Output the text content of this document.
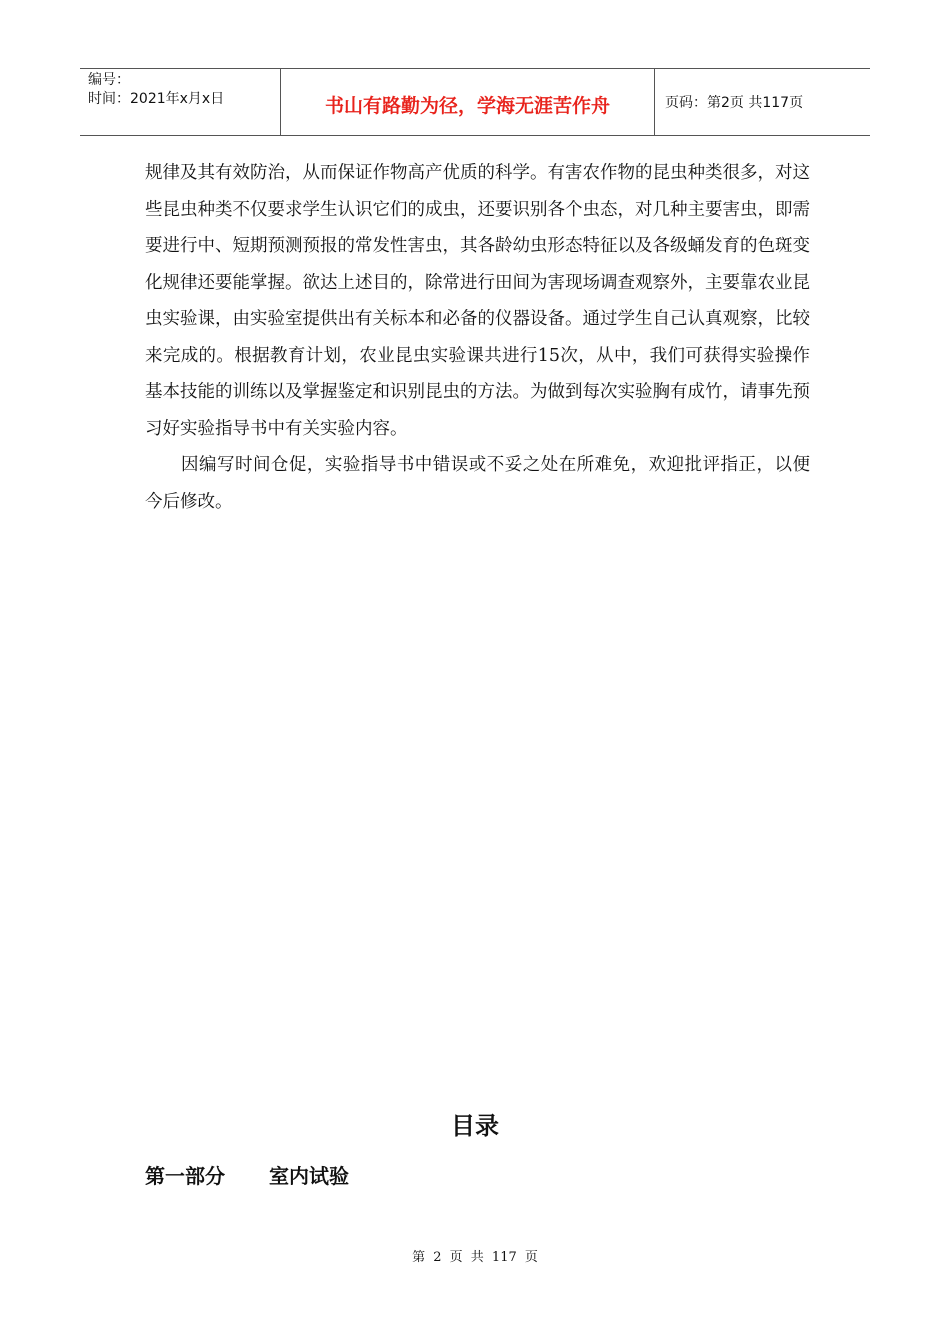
编号：
时间：2021年x月x日	书山有路勤为径，学海无涯苦作舟	页码：第2页 共117页

规律及其有效防治，从而保证作物高产优质的科学。有害农作物的昆虫种类很多，对这些昆虫种类不仅要求学生认识它们的成虫，还要识别各个虫态，对几种主要害虫，即需要进行中、短期预测预报的常发性害虫，其各龄幼虫形态特征以及各级蛹发育的色斑变化规律还要能掌握。欲达上述目的，除常进行田间为害现场调查观察外，主要靠农业昆虫实验课，由实验室提供出有关标本和必备的仪器设备。通过学生自己认真观察，比较来完成的。根据教育计划，农业昆虫实验课共进行15次，从中，我们可获得实验操作基本技能的训练以及掌握鉴定和识别昆虫的方法。为做到每次实验胸有成竹，请事先预习好实验指导书中有关实验内容。

因编写时间仓促，实验指导书中错误或不妥之处在所难免，欢迎批评指正，以便今后修改。

目录
第一部分 室内试验
第 2 页 共 117 页
